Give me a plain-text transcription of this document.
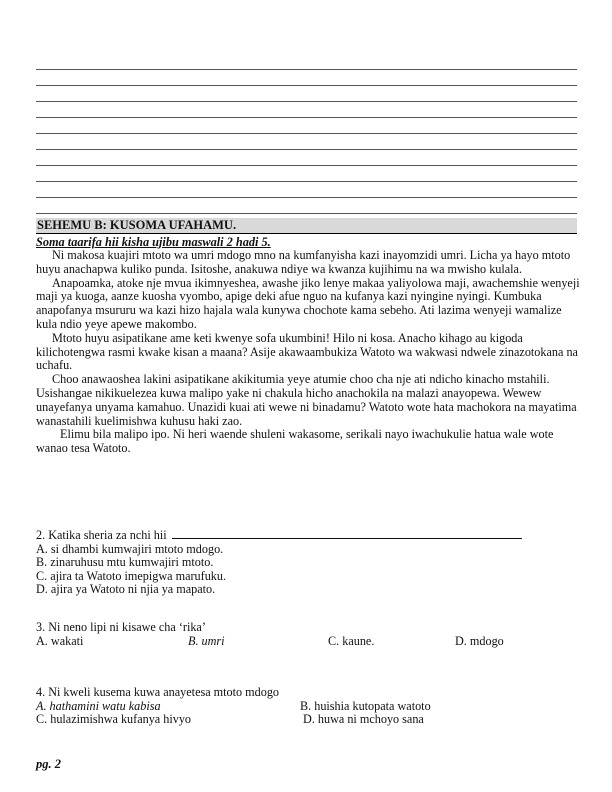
SEHEMU B: KUSOMA UFAHAMU.
Soma taarifa hii kisha ujibu maswali 2 hadi 5.

Ni makosa kuajiri mtoto wa umri mdogo mno na kumfanyisha kazi inayomzidi umri. Licha ya hayo mtoto huyu anachapwa kuliko punda. Isitoshe, anakuwa ndiye wa kwanza kujihimu na wa mwisho kulala.

Anapoamka, atoke nje mvua ikimnyeshea, awashe jiko lenye makaa yaliyolowa maji, awachemshie wenyeji maji ya kuoga, aanze kuosha vyombo, apige deki afue nguo na kufanya kazi nyingine nyingi. Kumbuka anapofanya msururu wa kazi hizo hajala wala kunywa chochote kama sebeho. Ati lazima wenyeji wamalize kula ndio yeye apewe makombo.

Mtoto huyu asipatikane ame keti kwenye sofa ukumbini! Hilo ni kosa. Anacho kihago au kigoda kilichotengwa rasmi kwake kisan a maana? Asije akawaambukiza Watoto wa wakwasi ndwele zinazotokana na uchafu.

Choo anawaoshea lakini asipatikane akikitumia yeye atumie choo cha nje ati ndicho kinacho mstahili. Usishangae nikikuelezea kuwa malipo yake ni chakula hicho anachokila na malazi anayopewa. Wewew unayefanya unyama kamahuo. Unazidi kuai ati wewe ni binadamu? Watoto wote hata machokora na mayatima wanastahili kuelimishwa kuhusu haki zao.

Elimu bila malipo ipo. Ni heri waende shuleni wakasome, serikali nayo iwachukulie hatua wale wote wanao tesa Watoto.

2. Katika sheria za nchi hii
A. si dhambi kumwajiri mtoto mdogo.
B. zinaruhusu mtu kumwajiri mtoto.
C. ajira ta Watoto imepigwa marufuku.
D. ajira ya Watoto ni njia ya mapato.
3. Ni neno lipi ni kisawe cha ‘rika’
A. wakati	B. umri	C. kaune.	D. mdogo
4. Ni kweli kusema kuwa anayetesa mtoto mdogo
A. hathamini watu kabisa	B. huishia kutopata watoto
C. hulazimishwa kufanya hivyo	D. huwa ni mchoyo sana
pg. 2
